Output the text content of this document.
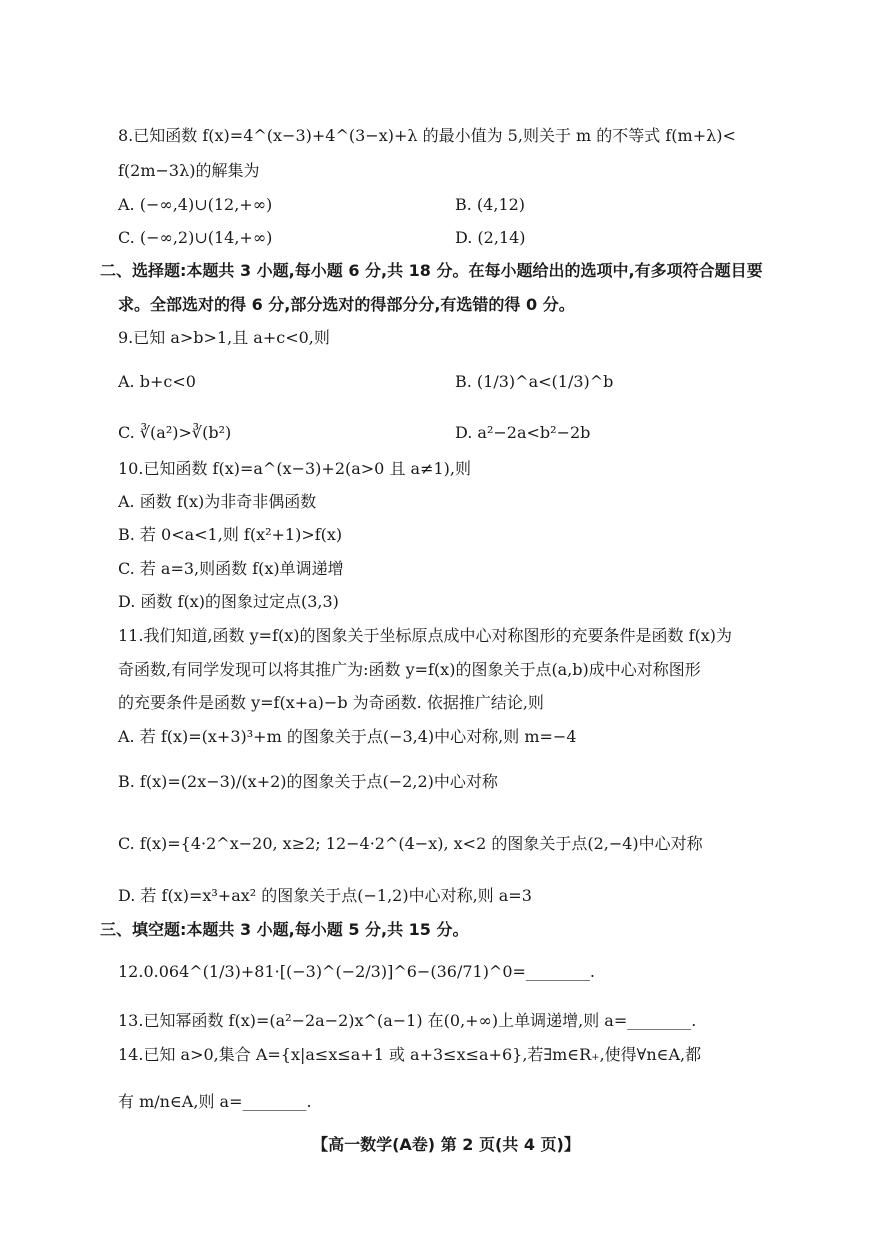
8.已知函数 f(x)=4^(x−3)+4^(3−x)+λ 的最小值为 5,则关于 m 的不等式 f(m+λ)<
f(2m−3λ)的解集为
A. (−∞,4)∪(12,+∞)	B. (4,12)
C. (−∞,2)∪(14,+∞)	D. (2,14)
二、选择题:本题共 3 小题,每小题 6 分,共 18 分。在每小题给出的选项中,有多项符合题目要
求。全部选对的得 6 分,部分选对的得部分分,有选错的得 0 分。
9.已知 a>b>1,且 a+c<0,则
A. b+c<0	B. (1/3)^a<(1/3)^b
C. ∛(a²)>∛(b²)	D. a²−2a<b²−2b
10.已知函数 f(x)=a^(x−3)+2(a>0 且 a≠1),则
A. 函数 f(x)为非奇非偶函数
B. 若 0<a<1,则 f(x²+1)>f(x)
C. 若 a=3,则函数 f(x)单调递增
D. 函数 f(x)的图象过定点(3,3)
11.我们知道,函数 y=f(x)的图象关于坐标原点成中心对称图形的充要条件是函数 f(x)为
奇函数,有同学发现可以将其推广为:函数 y=f(x)的图象关于点(a,b)成中心对称图形
的充要条件是函数 y=f(x+a)−b 为奇函数. 依据推广结论,则
A. 若 f(x)=(x+3)³+m 的图象关于点(−3,4)中心对称,则 m=−4
B. f(x)=(2x−3)/(x+2)的图象关于点(−2,2)中心对称
C. f(x)={4·2^x−20, x≥2; 12−4·2^(4−x), x<2 的图象关于点(2,−4)中心对称
D. 若 f(x)=x³+ax² 的图象关于点(−1,2)中心对称,则 a=3
三、填空题:本题共 3 小题,每小题 5 分,共 15 分。
12.0.064^(1/3)+81·[(−3)^(−2/3)]^6−(36/71)^0=________.
13.已知幂函数 f(x)=(a²−2a−2)x^(a−1) 在(0,+∞)上单调递增,则 a=________.
14.已知 a>0,集合 A={x|a≤x≤a+1 或 a+3≤x≤a+6},若∃m∈R₊,使得∀n∈A,都
有 m/n∈A,则 a=________.
【高一数学(A卷) 第 2 页(共 4 页)】
